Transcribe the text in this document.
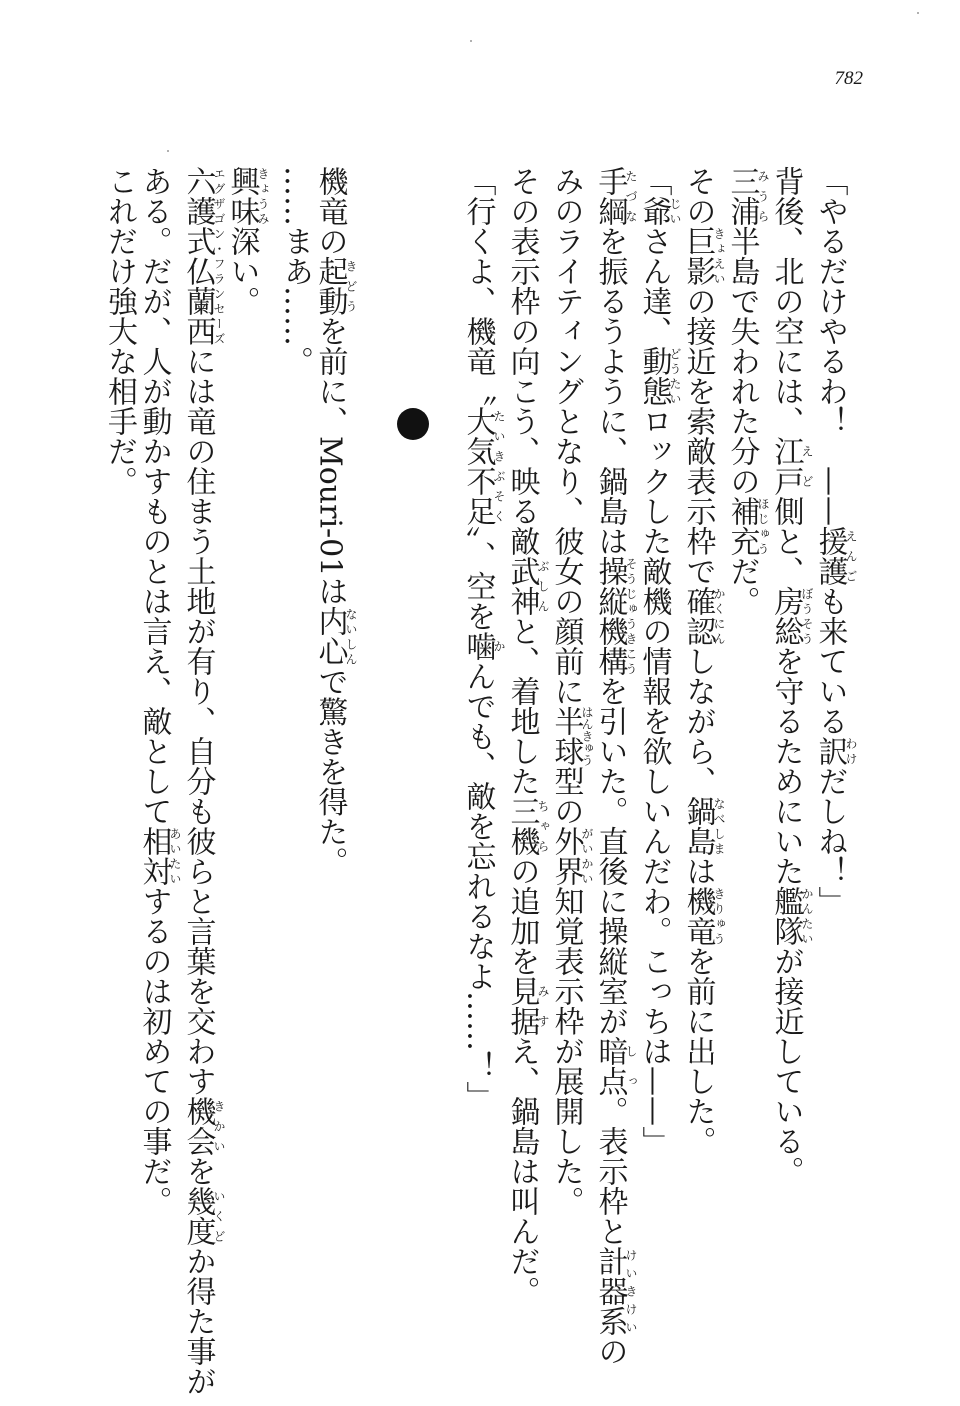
782
「やるだけやるわ！　——援護えんごも来ている訳わけだしね！」
背後、北の空には、江戸えど側と、房総ぼうそうを守るためにいた艦隊かんたいが接近している。
三浦みうら半島で失われた分の補充ほじゅうだ。
その巨影きょえいの接近を索敵表示枠で確認かくにんしながら、鍋島なべしまは機竜きりゅうを前に出した。
「爺じいさん達、動態どうたいロックした敵機の情報を欲しいんだわ。こっちは——」
手綱たづなを振るうように、鍋島は操縦機構そうじゅうきこうを引いた。直後に操縦室が暗点しっ。表示枠と計器系けいきけいの
みのライティングとなり、彼女の顔前に半球はんきゅう型の外界がいかい知覚表示枠が展開した。
その表示枠の向こう、映る敵武神ぶしんと、着地した三機ちゃらの追加を見据みすえ、鍋島は叫んだ。
「行くよ、機竜〝大気不足たいきぶそく〟、空を噛かんでも、敵を忘れるなよ……！」
機竜の起動きどうを前に、Mouri-01は内心ないしんで驚きを得た。
……まあ……。
興味きょうみ深い。
六護式仏蘭西エグザゴン・フランセーズには竜の住まう土地が有り、自分も彼らと言葉を交わす機会きかいを幾度いくどか得た事が
ある。だが、人が動かすものとは言え、敵として相対あいたいするのは初めての事だ。
これだけ強大な相手だ。
